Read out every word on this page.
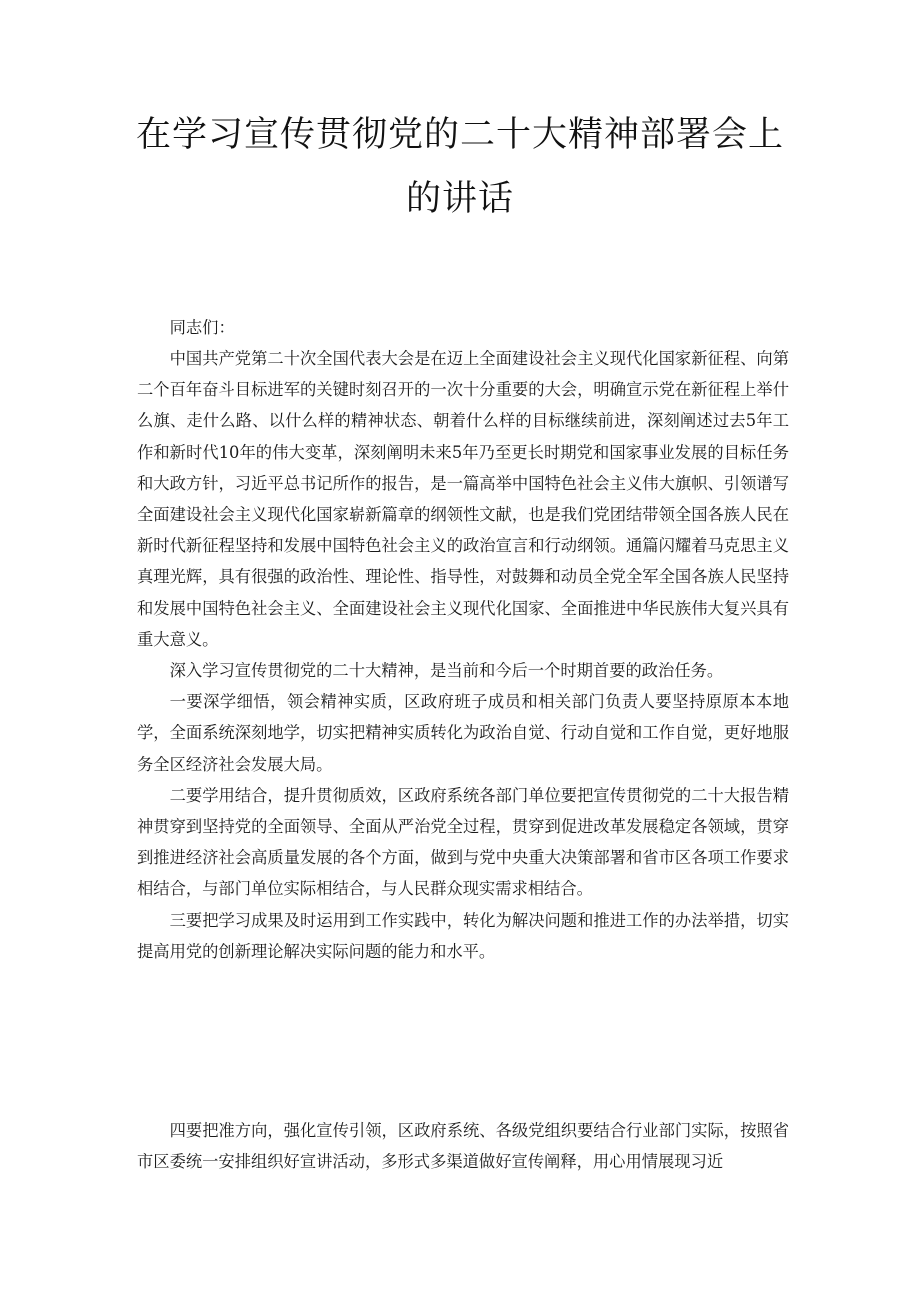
在学习宣传贯彻党的二十大精神部署会上
的讲话

同志们：

中国共产党第二十次全国代表大会是在迈上全面建设社会主义现代化国家新征程、向第二个百年奋斗目标进军的关键时刻召开的一次十分重要的大会，明确宣示党在新征程上举什么旗、走什么路、以什么样的精神状态、朝着什么样的目标继续前进，深刻阐述过去5年工作和新时代10年的伟大变革，深刻阐明未来5年乃至更长时期党和国家事业发展的目标任务和大政方针，习近平总书记所作的报告，是一篇高举中国特色社会主义伟大旗帜、引领谱写全面建设社会主义现代化国家崭新篇章的纲领性文献，也是我们党团结带领全国各族人民在新时代新征程坚持和发展中国特色社会主义的政治宣言和行动纲领。通篇闪耀着马克思主义真理光辉，具有很强的政治性、理论性、指导性，对鼓舞和动员全党全军全国各族人民坚持和发展中国特色社会主义、全面建设社会主义现代化国家、全面推进中华民族伟大复兴具有重大意义。

深入学习宣传贯彻党的二十大精神，是当前和今后一个时期首要的政治任务。

一要深学细悟，领会精神实质，区政府班子成员和相关部门负责人要坚持原原本本地学，全面系统深刻地学，切实把精神实质转化为政治自觉、行动自觉和工作自觉，更好地服务全区经济社会发展大局。

二要学用结合，提升贯彻质效，区政府系统各部门单位要把宣传贯彻党的二十大报告精神贯穿到坚持党的全面领导、全面从严治党全过程，贯穿到促进改革发展稳定各领域，贯穿到推进经济社会高质量发展的各个方面，做到与党中央重大决策部署和省市区各项工作要求相结合，与部门单位实际相结合，与人民群众现实需求相结合。

三要把学习成果及时运用到工作实践中，转化为解决问题和推进工作的办法举措，切实提高用党的创新理论解决实际问题的能力和水平。

四要把准方向，强化宣传引领，区政府系统、各级党组织要结合行业部门实际，按照省市区委统一安排组织好宣讲活动，多形式多渠道做好宣传阐释，用心用情展现习近
